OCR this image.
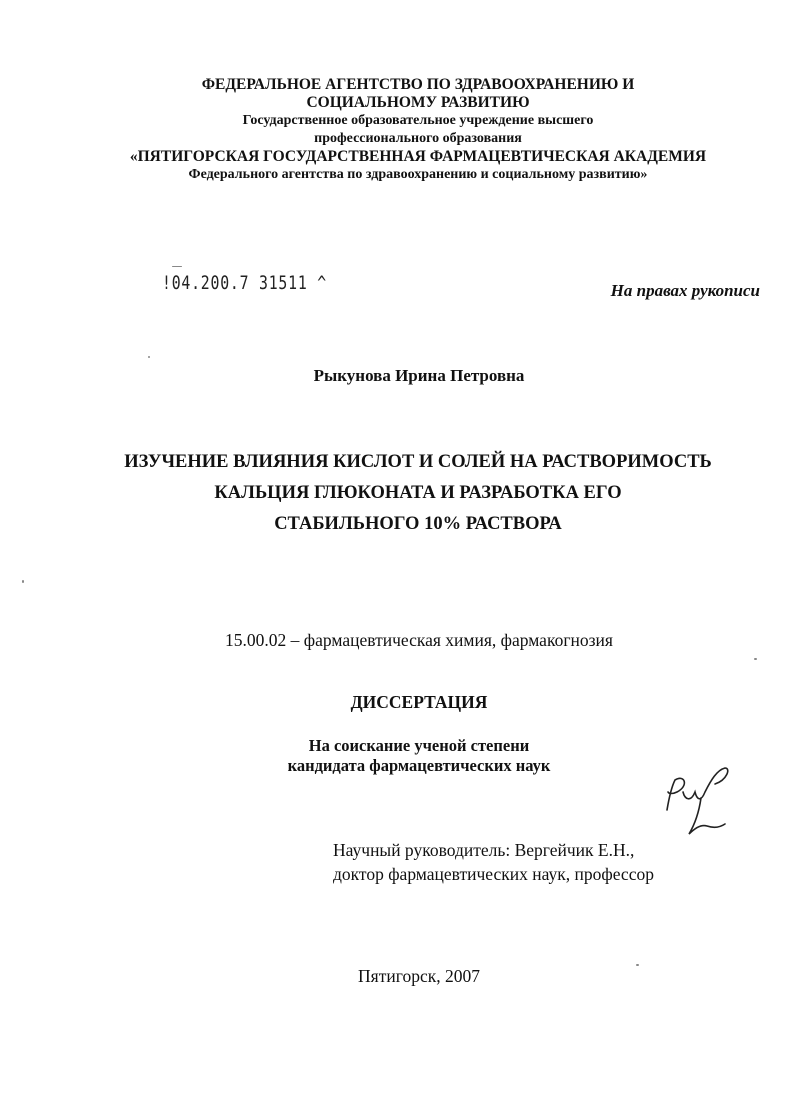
ФЕДЕРАЛЬНОЕ АГЕНТСТВО ПО ЗДРАВООХРАНЕНИЮ И
СОЦИАЛЬНОМУ РАЗВИТИЮ
Государственное образовательное учреждение высшего
профессионального образования
«ПЯТИГОРСКАЯ ГОСУДАРСТВЕННАЯ ФАРМАЦЕВТИЧЕСКАЯ АКАДЕМИЯ
Федерального агентства по здравоохранению и социальному развитию»
!04.200.7 31511 ^	На правах рукописи
Рыкунова Ирина Петровна
ИЗУЧЕНИЕ ВЛИЯНИЯ КИСЛОТ И СОЛЕЙ НА РАСТВОРИМОСТЬ
КАЛЬЦИЯ ГЛЮКОНАТА И РАЗРАБОТКА ЕГО
СТАБИЛЬНОГО 10% РАСТВОРА
15.00.02 – фармацевтическая химия, фармакогнозия
ДИССЕРТАЦИЯ
На соискание ученой степени
кандидата фармацевтических наук
Научный руководитель: Вергейчик Е.Н.,
доктор фармацевтических наук, профессор
Пятигорск, 2007
